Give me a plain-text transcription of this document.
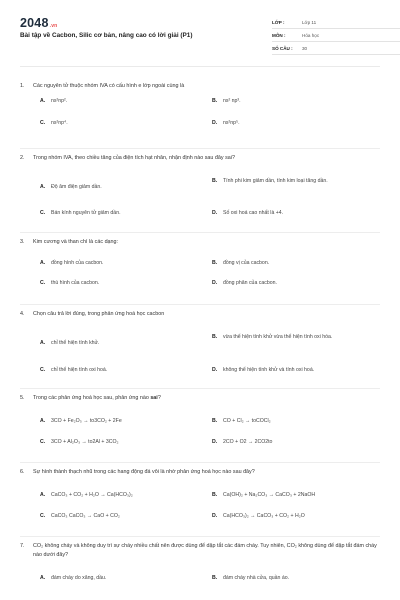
2048.vn
Bài tập về Cacbon, Silic cơ bản, nâng cao có lời giải (P1)
LỚP :	Lớp 11
MÔN :	Hóa học
SỐ CÂU :	30
1.	Các nguyên tử thuộc nhóm IVA có cấu hình e lớp ngoài cùng là
A.	ns²np².	B.	ns² np³.
C.	ns²np⁴.	D.	ns²np⁵.
2.	Trong nhóm IVA, theo chiều tăng của điện tích hạt nhân, nhận định nào sau đây sai?
A.	Độ âm điện giảm dần.
B.	Tính phi kim giảm dần, tính kim loại tăng dần.
C.	Bán kính nguyên tử giảm dần.	D.	Số oxi hoá cao nhất là +4.
3.	Kim cương và than chì là các dạng:
A.	đồng hình của cacbon.	B.	đồng vị của cacbon.
C.	thù hình của cacbon.	D.	đồng phân của cacbon.
4.	Chọn câu trả lời đúng, trong phản ứng hoá học cacbon
A.	chỉ thể hiện tính khử.
B.	vừa thể hiện tính khử vừa thể hiện tính oxi hóa.
C.	chỉ thể hiện tính oxi hoá.	D.	không thể hiện tính khử và tính oxi hoá.
5.	Trong các phản ứng hoá học sau, phản ứng nào sai?
A.	3CO + Fe₂O₃ → to3CO₂ + 2Fe	B.	CO + Cl₂ → toCOCl₂
C.	3CO + Al₂O₃ → to2Al + 3CO₂	D.	2CO + O2 → 2CO2to
6.	Sự hình thành thạch nhũ trong các hang động đá vôi là nhờ phản ứng hoá học nào sau đây?
A.	CaCO₃ + CO₂ + H₂O → Ca(HCO₃)₂	B.	Ca(OH)₂ + Na₂CO₃ → CaCO₃ + 2NaOH
C.	CaCO₃ CaCO₃ → CaO + CO₂	D.	Ca(HCO₃)₂ → CaCO₃ + CO₂ + H₂O
7.	CO₂ không cháy và không duy trì sự cháy nhiều chất nên được dùng để dập tắt các đám cháy. Tuy nhiên, CO₂ không dùng để dập tắt đám cháy nào dưới đây?
A.	đám cháy do xăng, dầu.	B.	đám cháy nhà cửa, quần áo.
